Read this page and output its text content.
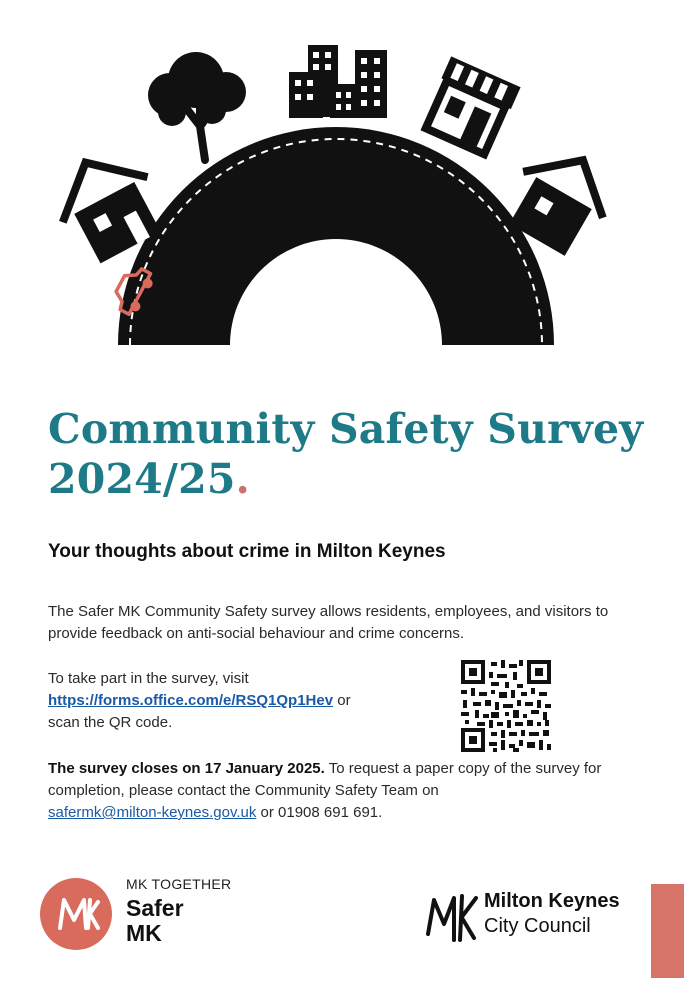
Community Safety Survey
2024/25.
Your thoughts about crime in Milton Keynes

The Safer MK Community Safety survey allows residents, employees, and visitors to provide feedback on anti-social behaviour and crime concerns.

To take part in the survey, visit
https://forms.office.com/e/RSQ1Qp1Hev or
scan the QR code.

The survey closes on 17 January 2025. To request a paper copy of the survey for completion, please contact the Community Safety Team on
safermk@milton-keynes.gov.uk or 01908 691 691.

MK TOGETHER

Safer
MK

Milton Keynes

City Council
